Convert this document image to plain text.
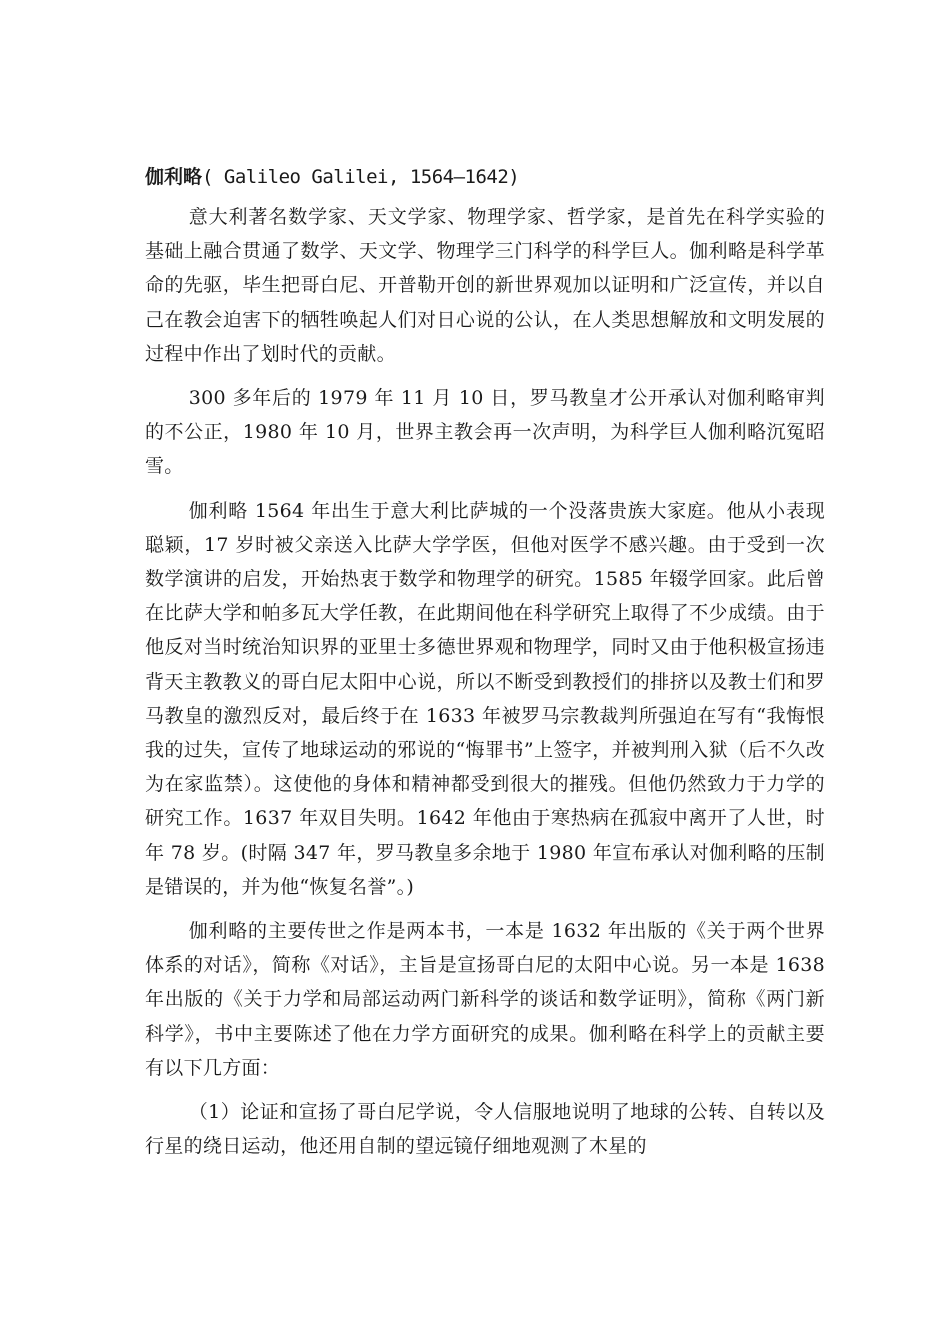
伽利略( Galileo Galilei, 1564—1642)

意大利著名数学家、天文学家、物理学家、哲学家，是首先在科学实验的基础上融合贯通了数学、天文学、物理学三门科学的科学巨人。伽利略是科学革命的先驱，毕生把哥白尼、开普勒开创的新世界观加以证明和广泛宣传，并以自己在教会迫害下的牺牲唤起人们对日心说的公认，在人类思想解放和文明发展的过程中作出了划时代的贡献。

300 多年后的 1979 年 11 月 10 日，罗马教皇才公开承认对伽利略审判的不公正，1980 年 10 月，世界主教会再一次声明，为科学巨人伽利略沉冤昭雪。

伽利略 1564 年出生于意大利比萨城的一个没落贵族大家庭。他从小表现聪颖，17 岁时被父亲送入比萨大学学医，但他对医学不感兴趣。由于受到一次数学演讲的启发，开始热衷于数学和物理学的研究。1585 年辍学回家。此后曾在比萨大学和帕多瓦大学任教，在此期间他在科学研究上取得了不少成绩。由于他反对当时统治知识界的亚里士多德世界观和物理学，同时又由于他积极宣扬违背天主教教义的哥白尼太阳中心说，所以不断受到教授们的排挤以及教士们和罗马教皇的激烈反对，最后终于在 1633 年被罗马宗教裁判所强迫在写有“我悔恨我的过失，宣传了地球运动的邪说的“悔罪书”上签字，并被判刑入狱（后不久改为在家监禁）。这使他的身体和精神都受到很大的摧残。但他仍然致力于力学的研究工作。1637 年双目失明。1642 年他由于寒热病在孤寂中离开了人世，时年 78 岁。(时隔 347 年，罗马教皇多余地于 1980 年宣布承认对伽利略的压制是错误的，并为他“恢复名誉”。)

伽利略的主要传世之作是两本书，一本是 1632 年出版的《关于两个世界体系的对话》，简称《对话》，主旨是宣扬哥白尼的太阳中心说。另一本是 1638 年出版的《关于力学和局部运动两门新科学的谈话和数学证明》，简称《两门新科学》，书中主要陈述了他在力学方面研究的成果。伽利略在科学上的贡献主要有以下几方面：

（1）论证和宣扬了哥白尼学说，令人信服地说明了地球的公转、自转以及行星的绕日运动，他还用自制的望远镜仔细地观测了木星的
